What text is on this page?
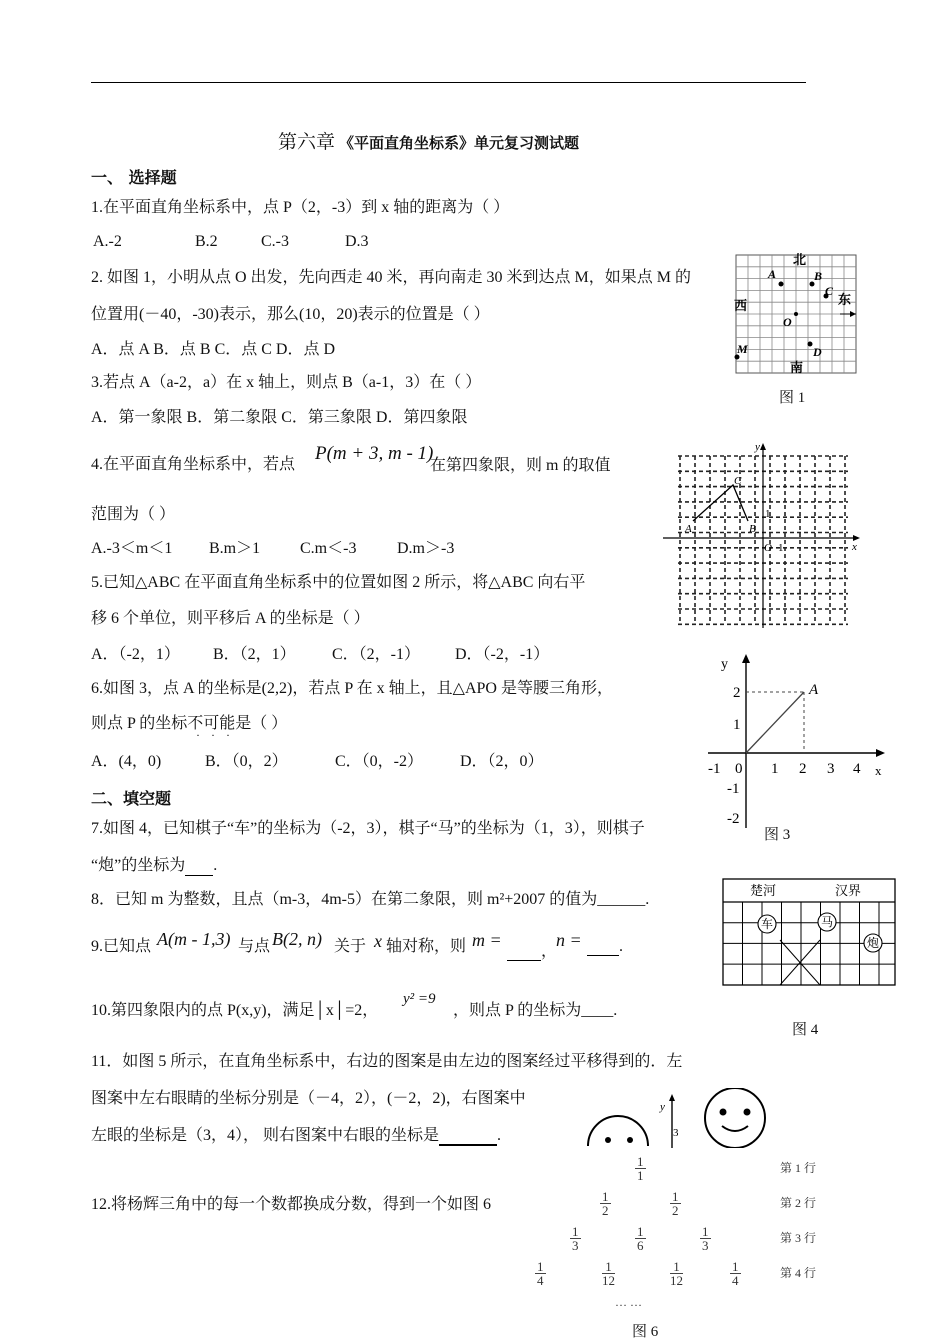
第六章 《平面直角坐标系》单元复习测试题
一、 选择题
1.在平面直角坐标系中，点 P（2，-3）到 x 轴的距离为（ ）
A.-2	B.2	C.-3	D.3
2. 如图 1，小明从点 O 出发，先向西走 40 米，再向南走 30 米到达点 M，如果点 M 的
位置用(－40，-30)表示，那么(10，20)表示的位置是（ ）
A．点 A B．点 B C．点 C D．点 D
3.若点 A（a-2，a）在 x 轴上，则点 B（a-1，3）在（ ）
A．第一象限 B．第二象限 C．第三象限 D．第四象限
4.在平面直角坐标系中，若点
P(m + 3, m - 1)
在第四象限，则 m 的取值
范围为（ ）
A.-3＜m＜1 B.m＞1 C.m＜-3	D.m＞-3
5.已知△ABC 在平面直角坐标系中的位置如图 2 所示，将△ABC 向右平
移 6 个单位，则平移后 A 的坐标是（ ）
A．（-2，1） B．（2，1） C．（2，-1） D．（-2，-1）
6.如图 3，点 A 的坐标是(2,2)，若点 P 在 x 轴上，且△APO 是等腰三角形，
则点 P 的坐标不可能是（ ）
···
A．(4，0)	B．（0，2）	C．（0，-2） D．（2，0）
二、填空题
7.如图 4，已知棋子“车”的坐标为（-2，3），棋子“马”的坐标为（1，3），则棋子
“炮”的坐标为 .
8．已知 m 为整数，且点（m-3，4m-5）在第二象限，则 m²+2007 的值为______.
9.已知点 A(m - 1,3) 与点 B(2, n) 关于 x 轴对称，则 m =
，
n =	.
10.第四象限内的点 P(x,y)，满足│x│=2，
y² =9
，则点 P 的坐标为____.
11．如图 5 所示，在直角坐标系中，右边的图案是由左边的图案经过平移得到的．左
图案中左右眼睛的坐标分别是（－4，2），(－2，2)，右图案中
左眼的坐标是（3，4）， 则右图案中右眼的坐标是	.
12.将杨辉三角中的每一个数都换成分数，得到一个如图 6
北
南
西	东
A	B
C
D
M
O
图 1
A	B
C
O 1
1
x
y
-1 0 1 2 3 4
2
1
-1
-2
x
y
A
图 3
楚河	汉界
车	马
炮
图 4
y
3
$\frac{1}{1}$	第 1 行
$\frac{1}{2}$	$\frac{1}{2}$	第 2 行
$\frac{1}{3}$	$\frac{1}{6}$	$\frac{1}{3}$	第 3 行
$\frac{1}{4}$	$\frac{1}{12}$	$\frac{1}{12}$	$\frac{1}{4}$	第 4 行
… …
图 6
